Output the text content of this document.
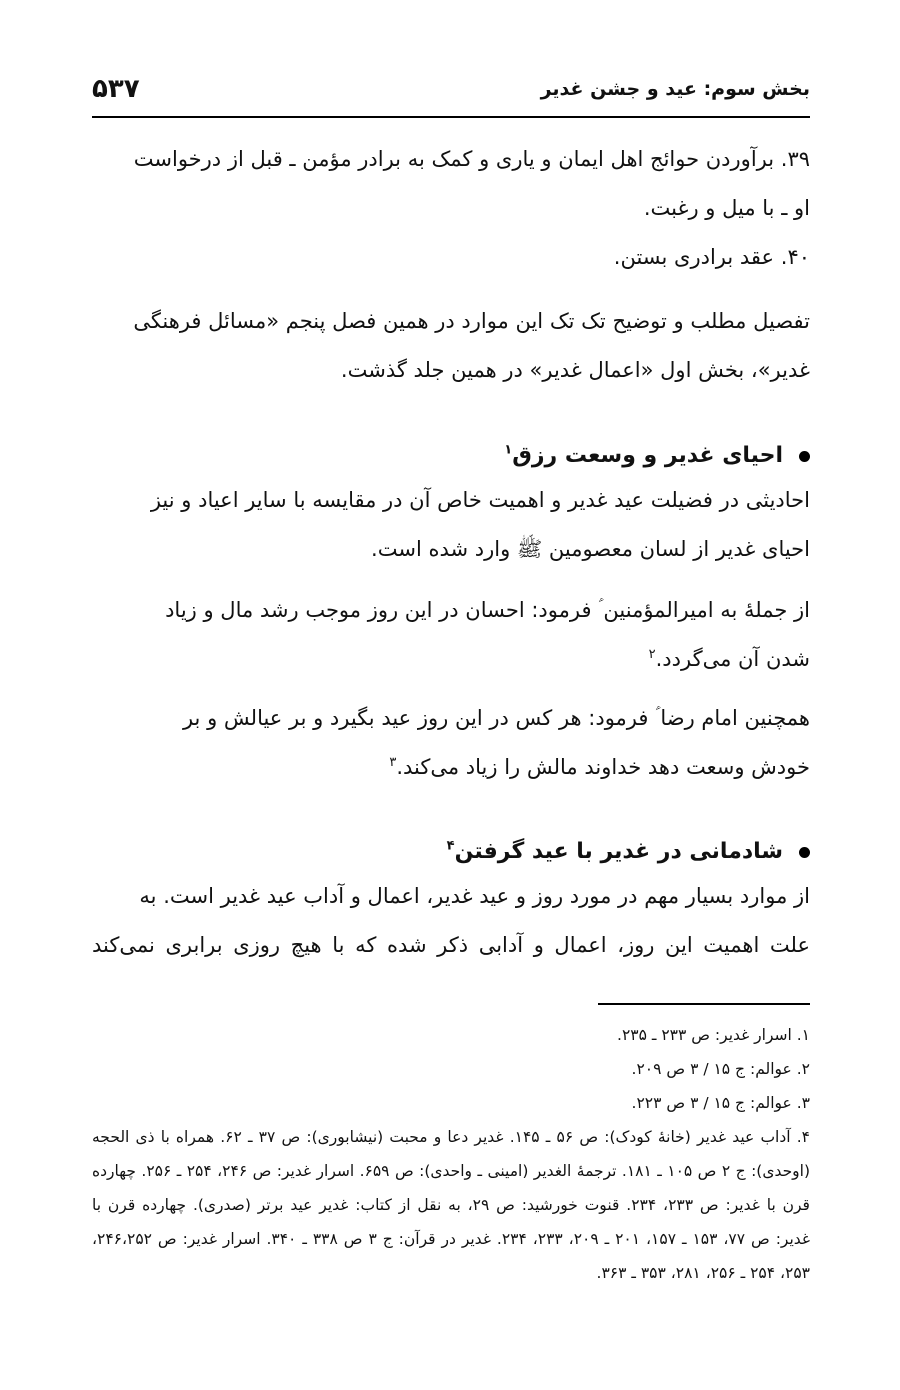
بخش سوم: عید و جشن غدیر
۵۳۷
۳۹. برآوردن حوائج اهل ایمان و یاری و کمک به برادر مؤمن ـ قبل از درخواست
او ـ با میل و رغبت.
۴۰. عقد برادری بستن.
تفصیل مطلب و توضیح تک تک این موارد در همین فصل پنجم «مسائل فرهنگی
غدیر»، بخش اول «اعمال غدیر» در همین جلد گذشت.
احیای غدیر و وسعت رزق$^۱$
احادیثی در فضیلت عید غدیر و اهمیت خاص آن در مقایسه با سایر اعیاد و نیز
احیای غدیر از لسان معصومین ﷺ وارد شده است.
از جملهٔ به امیرالمؤمنین ؑ فرمود: احسان در این روز موجب رشد مال و زیاد
شدن آن می‌گردد.$^۲$
همچنین امام رضا ؑ فرمود: هر کس در این روز عید بگیرد و بر عیالش و بر
خودش وسعت دهد خداوند مالش را زیاد می‌کند.$^۳$
شادمانی در غدیر با عید گرفتن$^۴$
از موارد بسیار مهم در مورد روز و عید غدیر، اعمال و آداب عید غدیر است. به
علت اهمیت این روز، اعمال و آدابی ذکر شده که با هیچ روزی برابری نمی‌کند
۱. اسرار غدیر: ص ۲۳۳ ـ ۲۳۵.
۲. عوالم: ج ۱۵ / ۳ ص ۲۰۹.
۳. عوالم: ج ۱۵ / ۳ ص ۲۲۳.
۴. آداب عید غدیر (خانهٔ کودک): ص ۵۶ ـ ۱۴۵. غدیر دعا و محبت (نیشابوری): ص ۳۷ ـ ۶۲. همراه با ذی الحجه (اوحدی): ج ۲ ص ۱۰۵ ـ ۱۸۱. ترجمهٔ الغدیر (امینی ـ واحدی): ص ۶۵۹. اسرار غدیر: ص ۲۴۶، ۲۵۴ ـ ۲۵۶. چهارده قرن با غدیر: ص ۲۳۳، ۲۳۴. قنوت خورشید: ص ۲۹، به نقل از کتاب: غدیر عید برتر (صدری). چهارده قرن با غدیر: ص ۷۷، ۱۵۳ ـ ۱۵۷، ۲۰۱ ـ ۲۰۹، ۲۳۳، ۲۳۴. غدیر در قرآن: ج ۳ ص ۳۳۸ ـ ۳۴۰. اسرار غدیر: ص ۲۴۶،۲۵۲، ۲۵۳، ۲۵۴ ـ ۲۵۶، ۲۸۱، ۳۵۳ ـ ۳۶۳.
